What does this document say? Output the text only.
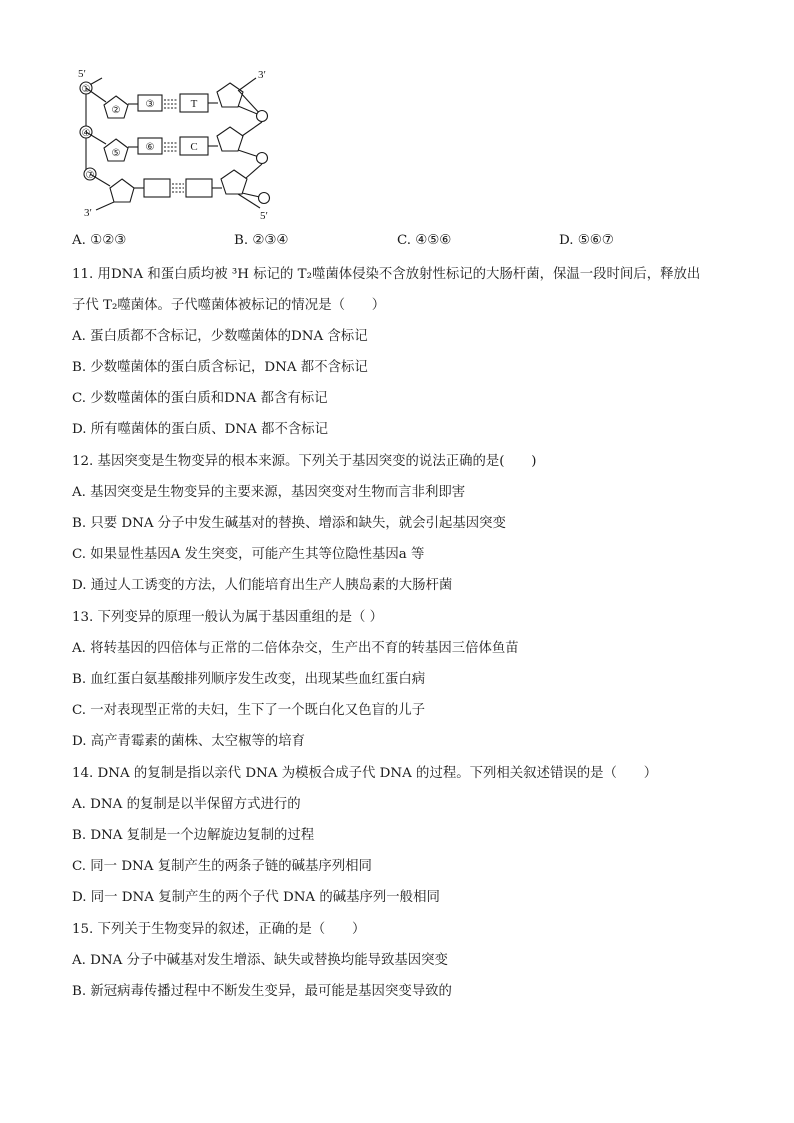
5′
①
②
③	T
3′
④
⑤
⑥	C
⑦
3′	5′
A. ①②③	B. ②③④	C. ④⑤⑥	D. ⑤⑥⑦
11. 用DNA 和蛋白质均被 ³H 标记的 T₂噬菌体侵染不含放射性标记的大肠杆菌，保温一段时间后，释放出
子代 T₂噬菌体。子代噬菌体被标记的情况是（　　）
A. 蛋白质都不含标记，少数噬菌体的DNA 含标记
B. 少数噬菌体的蛋白质含标记，DNA 都不含标记
C. 少数噬菌体的蛋白质和DNA 都含有标记
D. 所有噬菌体的蛋白质、DNA 都不含标记
12. 基因突变是生物变异的根本来源。下列关于基因突变的说法正确的是(　　)
A. 基因突变是生物变异的主要来源，基因突变对生物而言非利即害
B. 只要 DNA 分子中发生碱基对的替换、增添和缺失，就会引起基因突变
C. 如果显性基因A 发生突变，可能产生其等位隐性基因a 等
D. 通过人工诱变的方法，人们能培育出生产人胰岛素的大肠杆菌
13. 下列变异的原理一般认为属于基因重组的是（ ）
A. 将转基因的四倍体与正常的二倍体杂交，生产出不育的转基因三倍体鱼苗
B. 血红蛋白氨基酸排列顺序发生改变，出现某些血红蛋白病
C. 一对表现型正常的夫妇，生下了一个既白化又色盲的儿子
D. 高产青霉素的菌株、太空椒等的培育
14. DNA 的复制是指以亲代 DNA 为模板合成子代 DNA 的过程。下列相关叙述错误的是（　　）
A. DNA 的复制是以半保留方式进行的
B. DNA 复制是一个边解旋边复制的过程
C. 同一 DNA 复制产生的两条子链的碱基序列相同
D. 同一 DNA 复制产生的两个子代 DNA 的碱基序列一般相同
15. 下列关于生物变异的叙述，正确的是（　　）
A. DNA 分子中碱基对发生增添、缺失或替换均能导致基因突变
B. 新冠病毒传播过程中不断发生变异，最可能是基因突变导致的
